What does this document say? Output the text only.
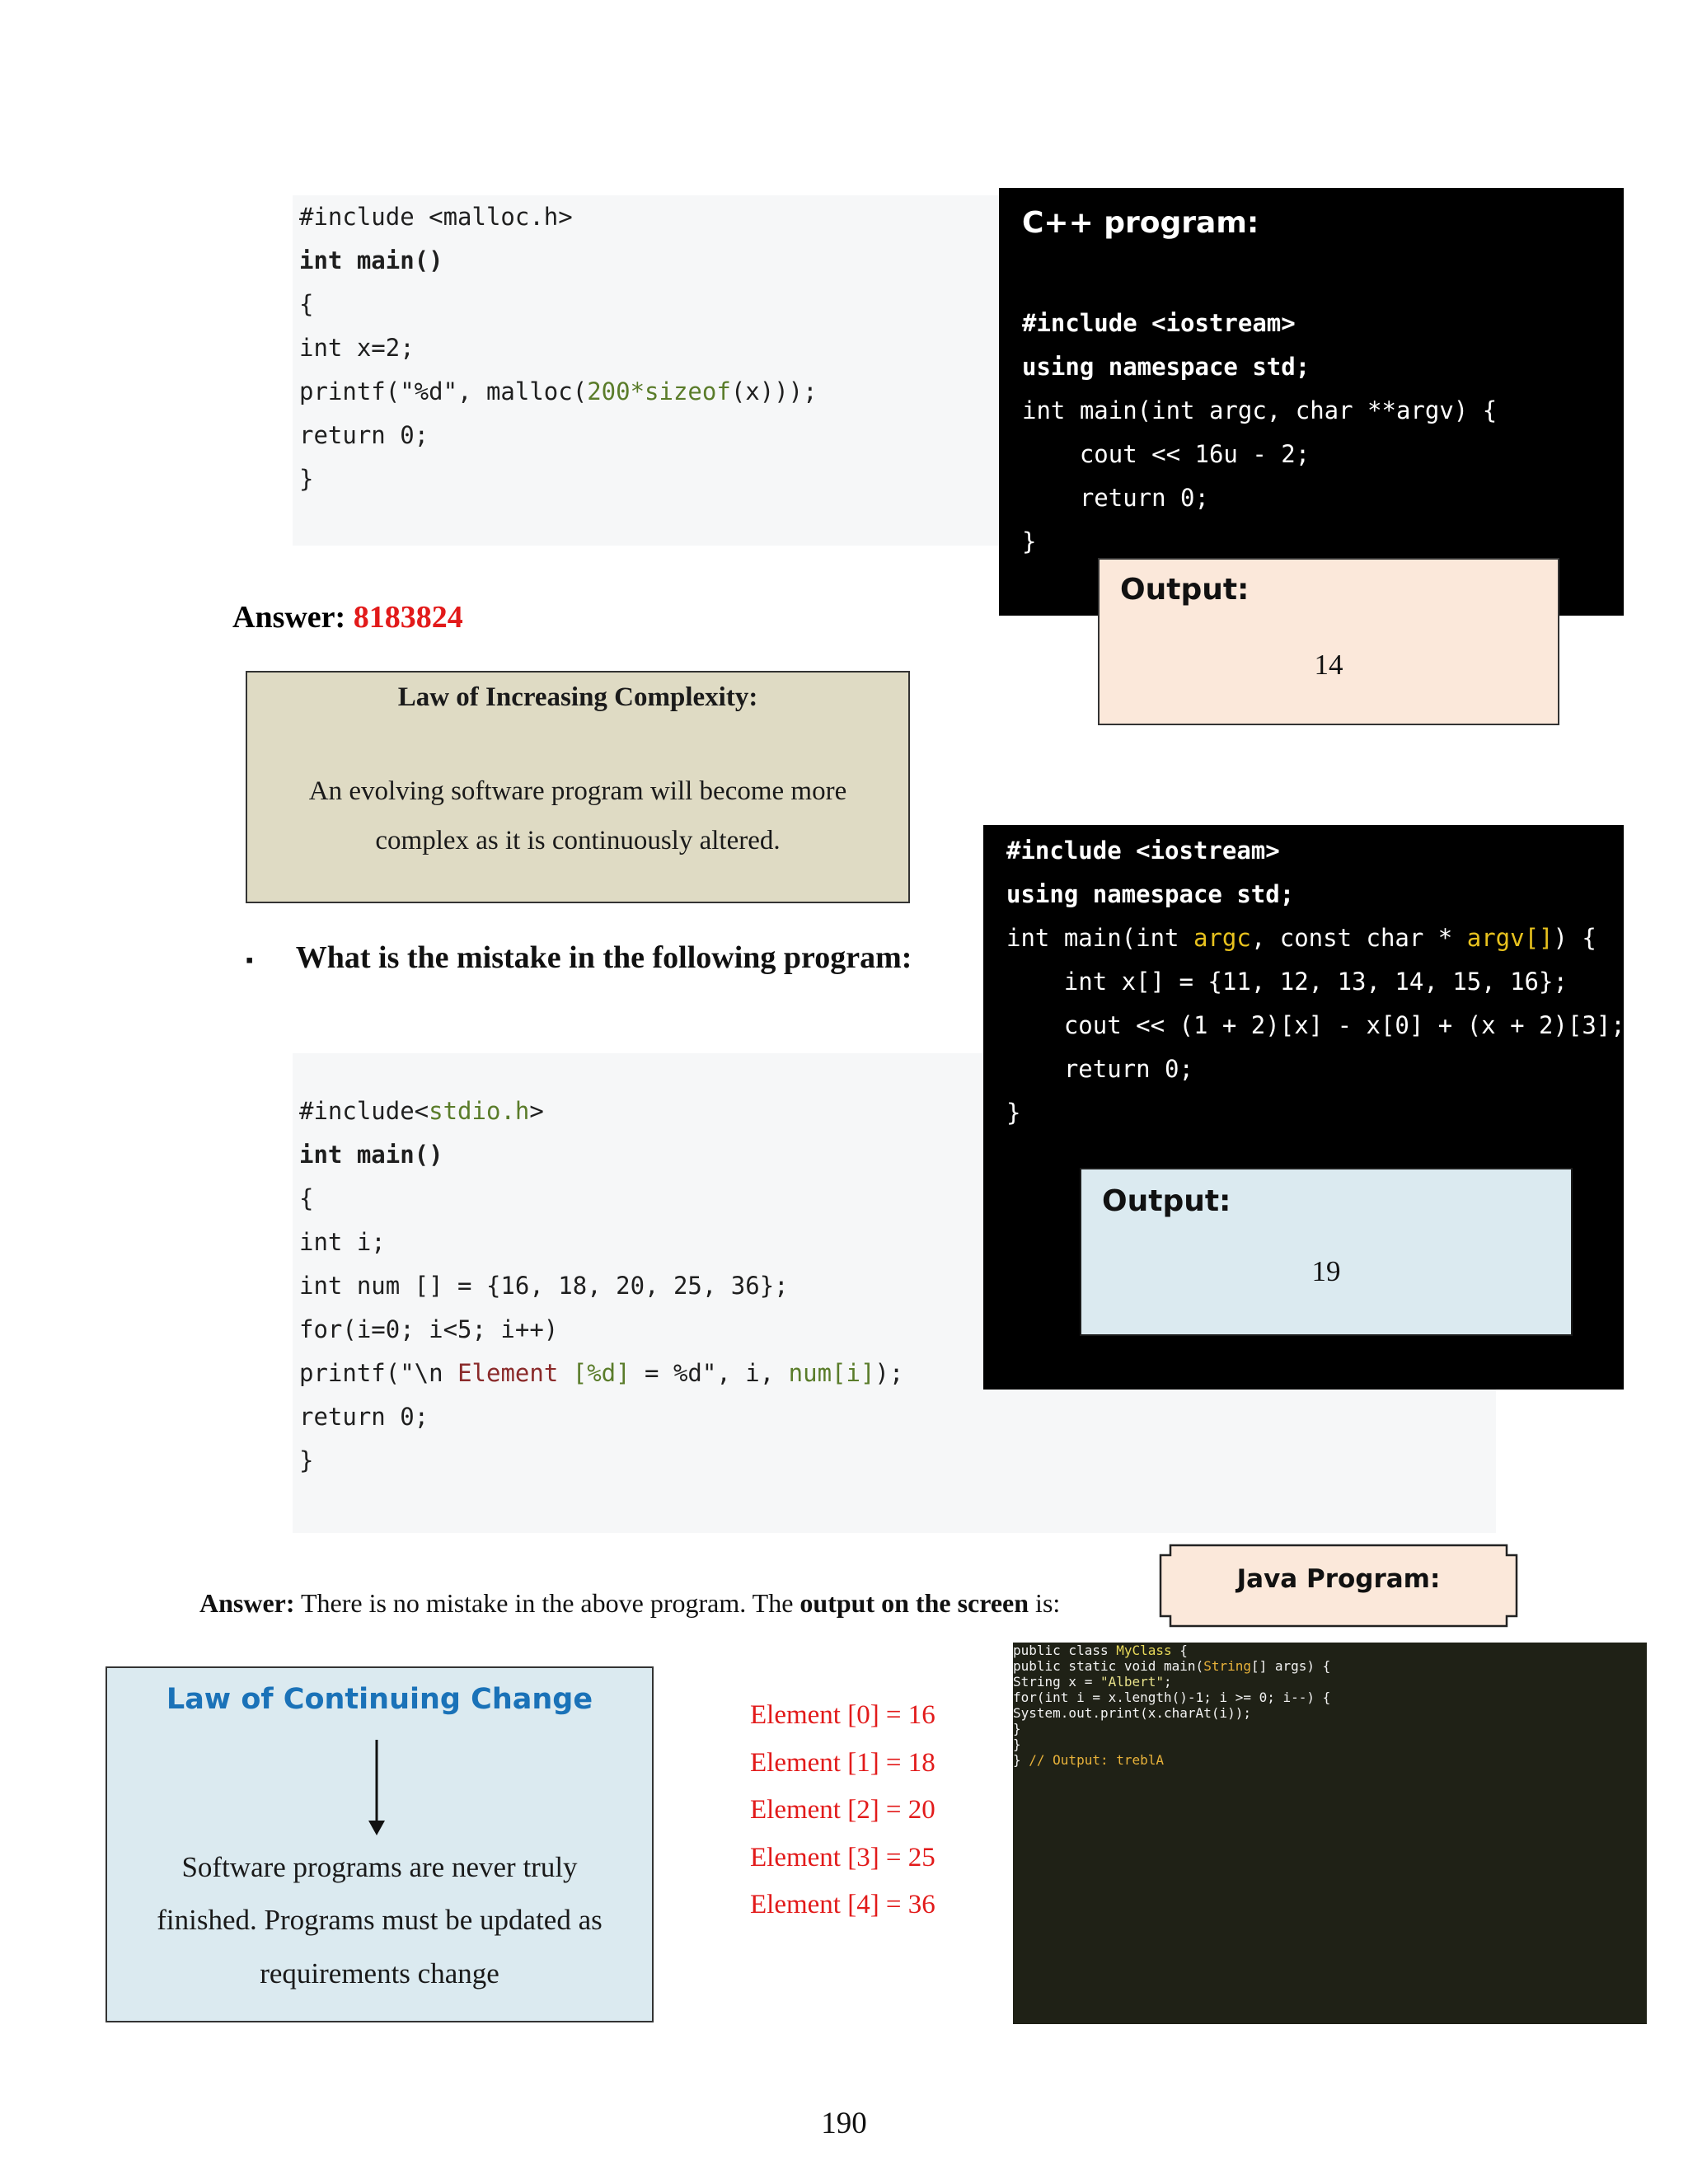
#include <malloc.h>
int main()
{
int x=2;
printf("%d", malloc(200*sizeof(x)));
return 0;
}
Answer: 8183824
Law of Increasing Complexity:
An evolving software program will become more
complex as it is continuously altered.
▪ What is the mistake in the following program:
#include<stdio.h>
int main()
{
int i;
int num [] = {16, 18, 20, 25, 36};
for(i=0; i<5; i++)
printf("\n Element [%d] = %d", i, num[i]);
return 0;
}
Answer: There is no mistake in the above program. The output on the screen is:
Law of Continuing Change
Software programs are never truly
finished. Programs must be updated as
requirements change
Element [0] = 16
Element [1] = 18
Element [2] = 20
Element [3] = 25
Element [4] = 36
C++ program:
#include <iostream>
using namespace std;
int main(int argc, char **argv) {
cout << 16u - 2;
return 0;
}
Output:
14
#include <iostream>
using namespace std;
int main(int argc, const char * argv[]) {
int x[] = {11, 12, 13, 14, 15, 16};
cout << (1 + 2)[x] - x[0] + (x + 2)[3];
return 0;
}
Output:
19
Java Program:
public class MyClass {
public static void main(String[] args) {
String x = "Albert";
for(int i = x.length()-1; i >= 0; i--) {
System.out.print(x.charAt(i));
}
}
} // Output: treblA
190
